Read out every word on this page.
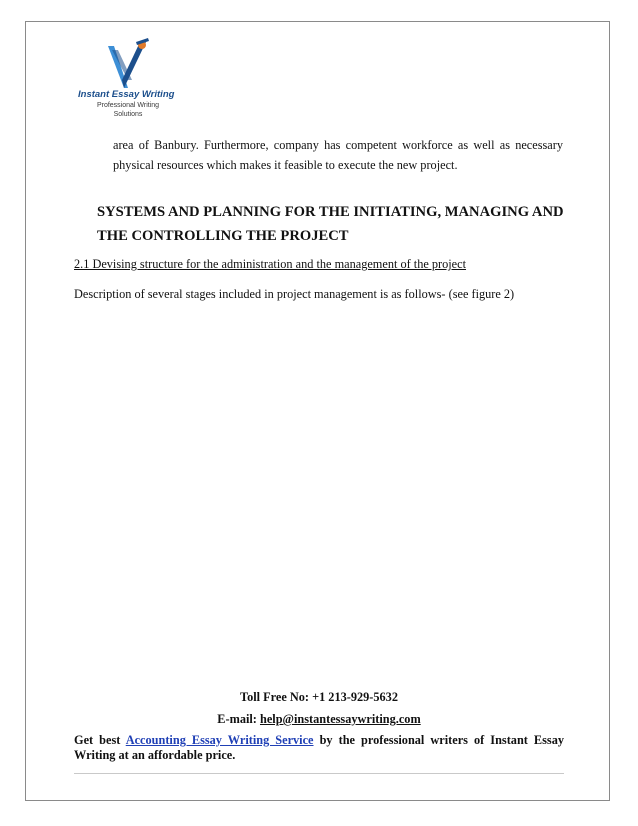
Instant Essay Writing
Professional Writing
Solutions
area of Banbury. Furthermore, company has competent workforce as well as necessary physical resources which makes it feasible to execute the new project.
SYSTEMS AND PLANNING FOR THE INITIATING, MANAGING AND THE CONTROLLING THE PROJECT
2.1 Devising structure for the administration and the management of the project
Description of several stages included in project management is as follows- (see figure 2)
Toll Free No: +1 213-929-5632
E-mail: help@instantessaywriting.com
Get best Accounting Essay Writing Service by the professional writers of Instant Essay Writing at an affordable price.
